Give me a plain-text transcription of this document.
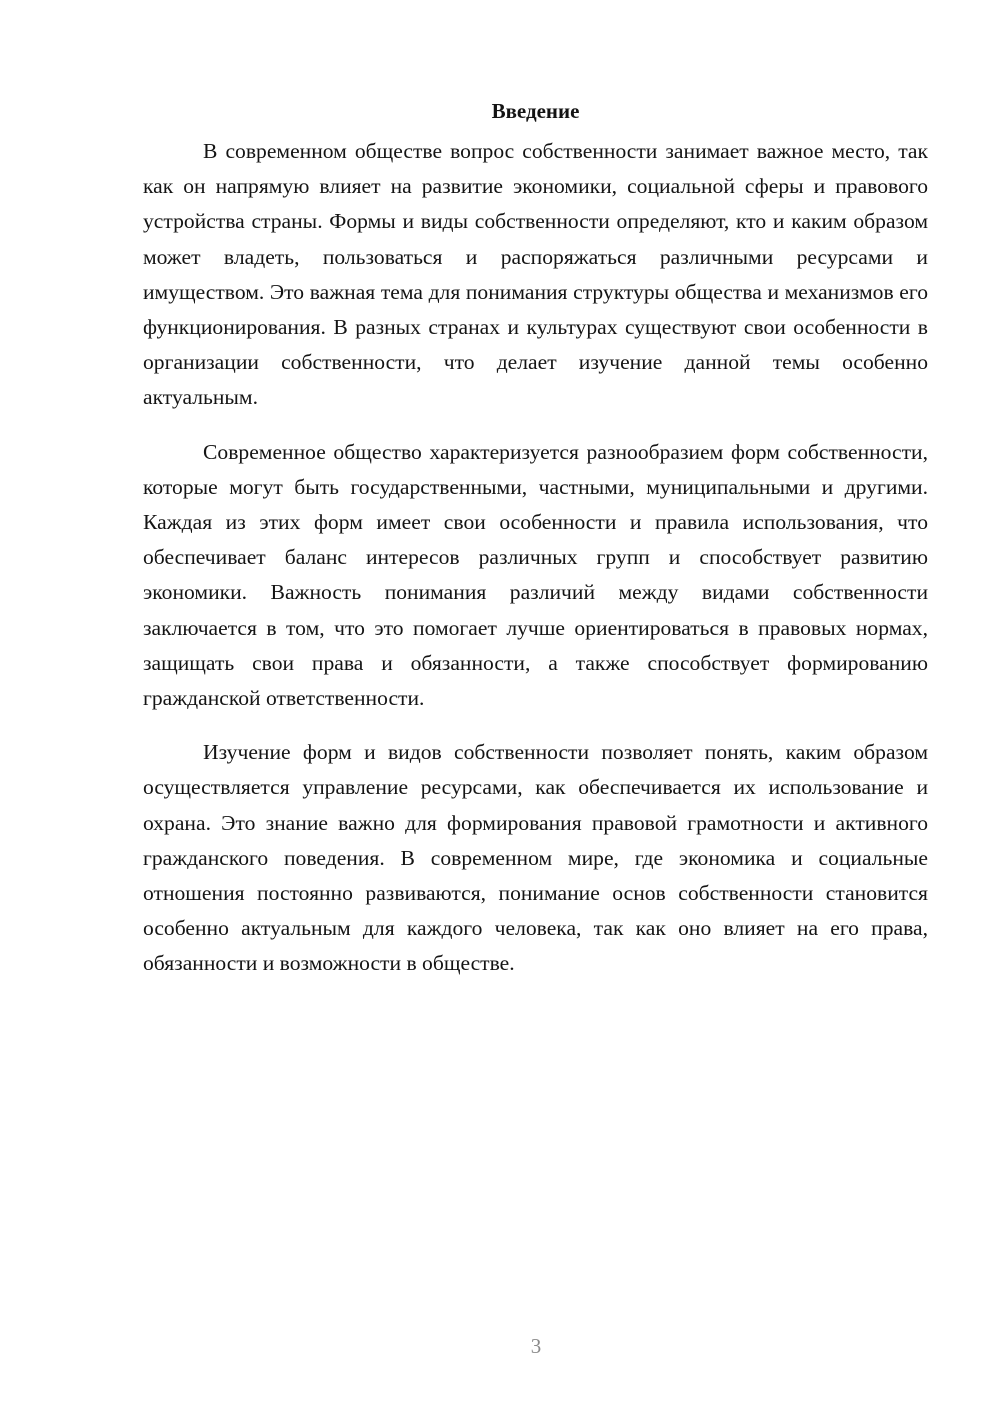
Введение

В современном обществе вопрос собственности занимает важное место, так как он напрямую влияет на развитие экономики, социальной сферы и правового устройства страны. Формы и виды собственности определяют, кто и каким образом может владеть, пользоваться и распоряжаться различными ресурсами и имуществом. Это важная тема для понимания структуры общества и механизмов его функционирования. В разных странах и культурах существуют свои особенности в организации собственности, что делает изучение данной темы особенно актуальным.

Современное общество характеризуется разнообразием форм собственности, которые могут быть государственными, частными, муниципальными и другими. Каждая из этих форм имеет свои особенности и правила использования, что обеспечивает баланс интересов различных групп и способствует развитию экономики. Важность понимания различий между видами собственности заключается в том, что это помогает лучше ориентироваться в правовых нормах, защищать свои права и обязанности, а также способствует формированию гражданской ответственности.

Изучение форм и видов собственности позволяет понять, каким образом осуществляется управление ресурсами, как обеспечивается их использование и охрана. Это знание важно для формирования правовой грамотности и активного гражданского поведения. В современном мире, где экономика и социальные отношения постоянно развиваются, понимание основ собственности становится особенно актуальным для каждого человека, так как оно влияет на его права, обязанности и возможности в обществе.

3
